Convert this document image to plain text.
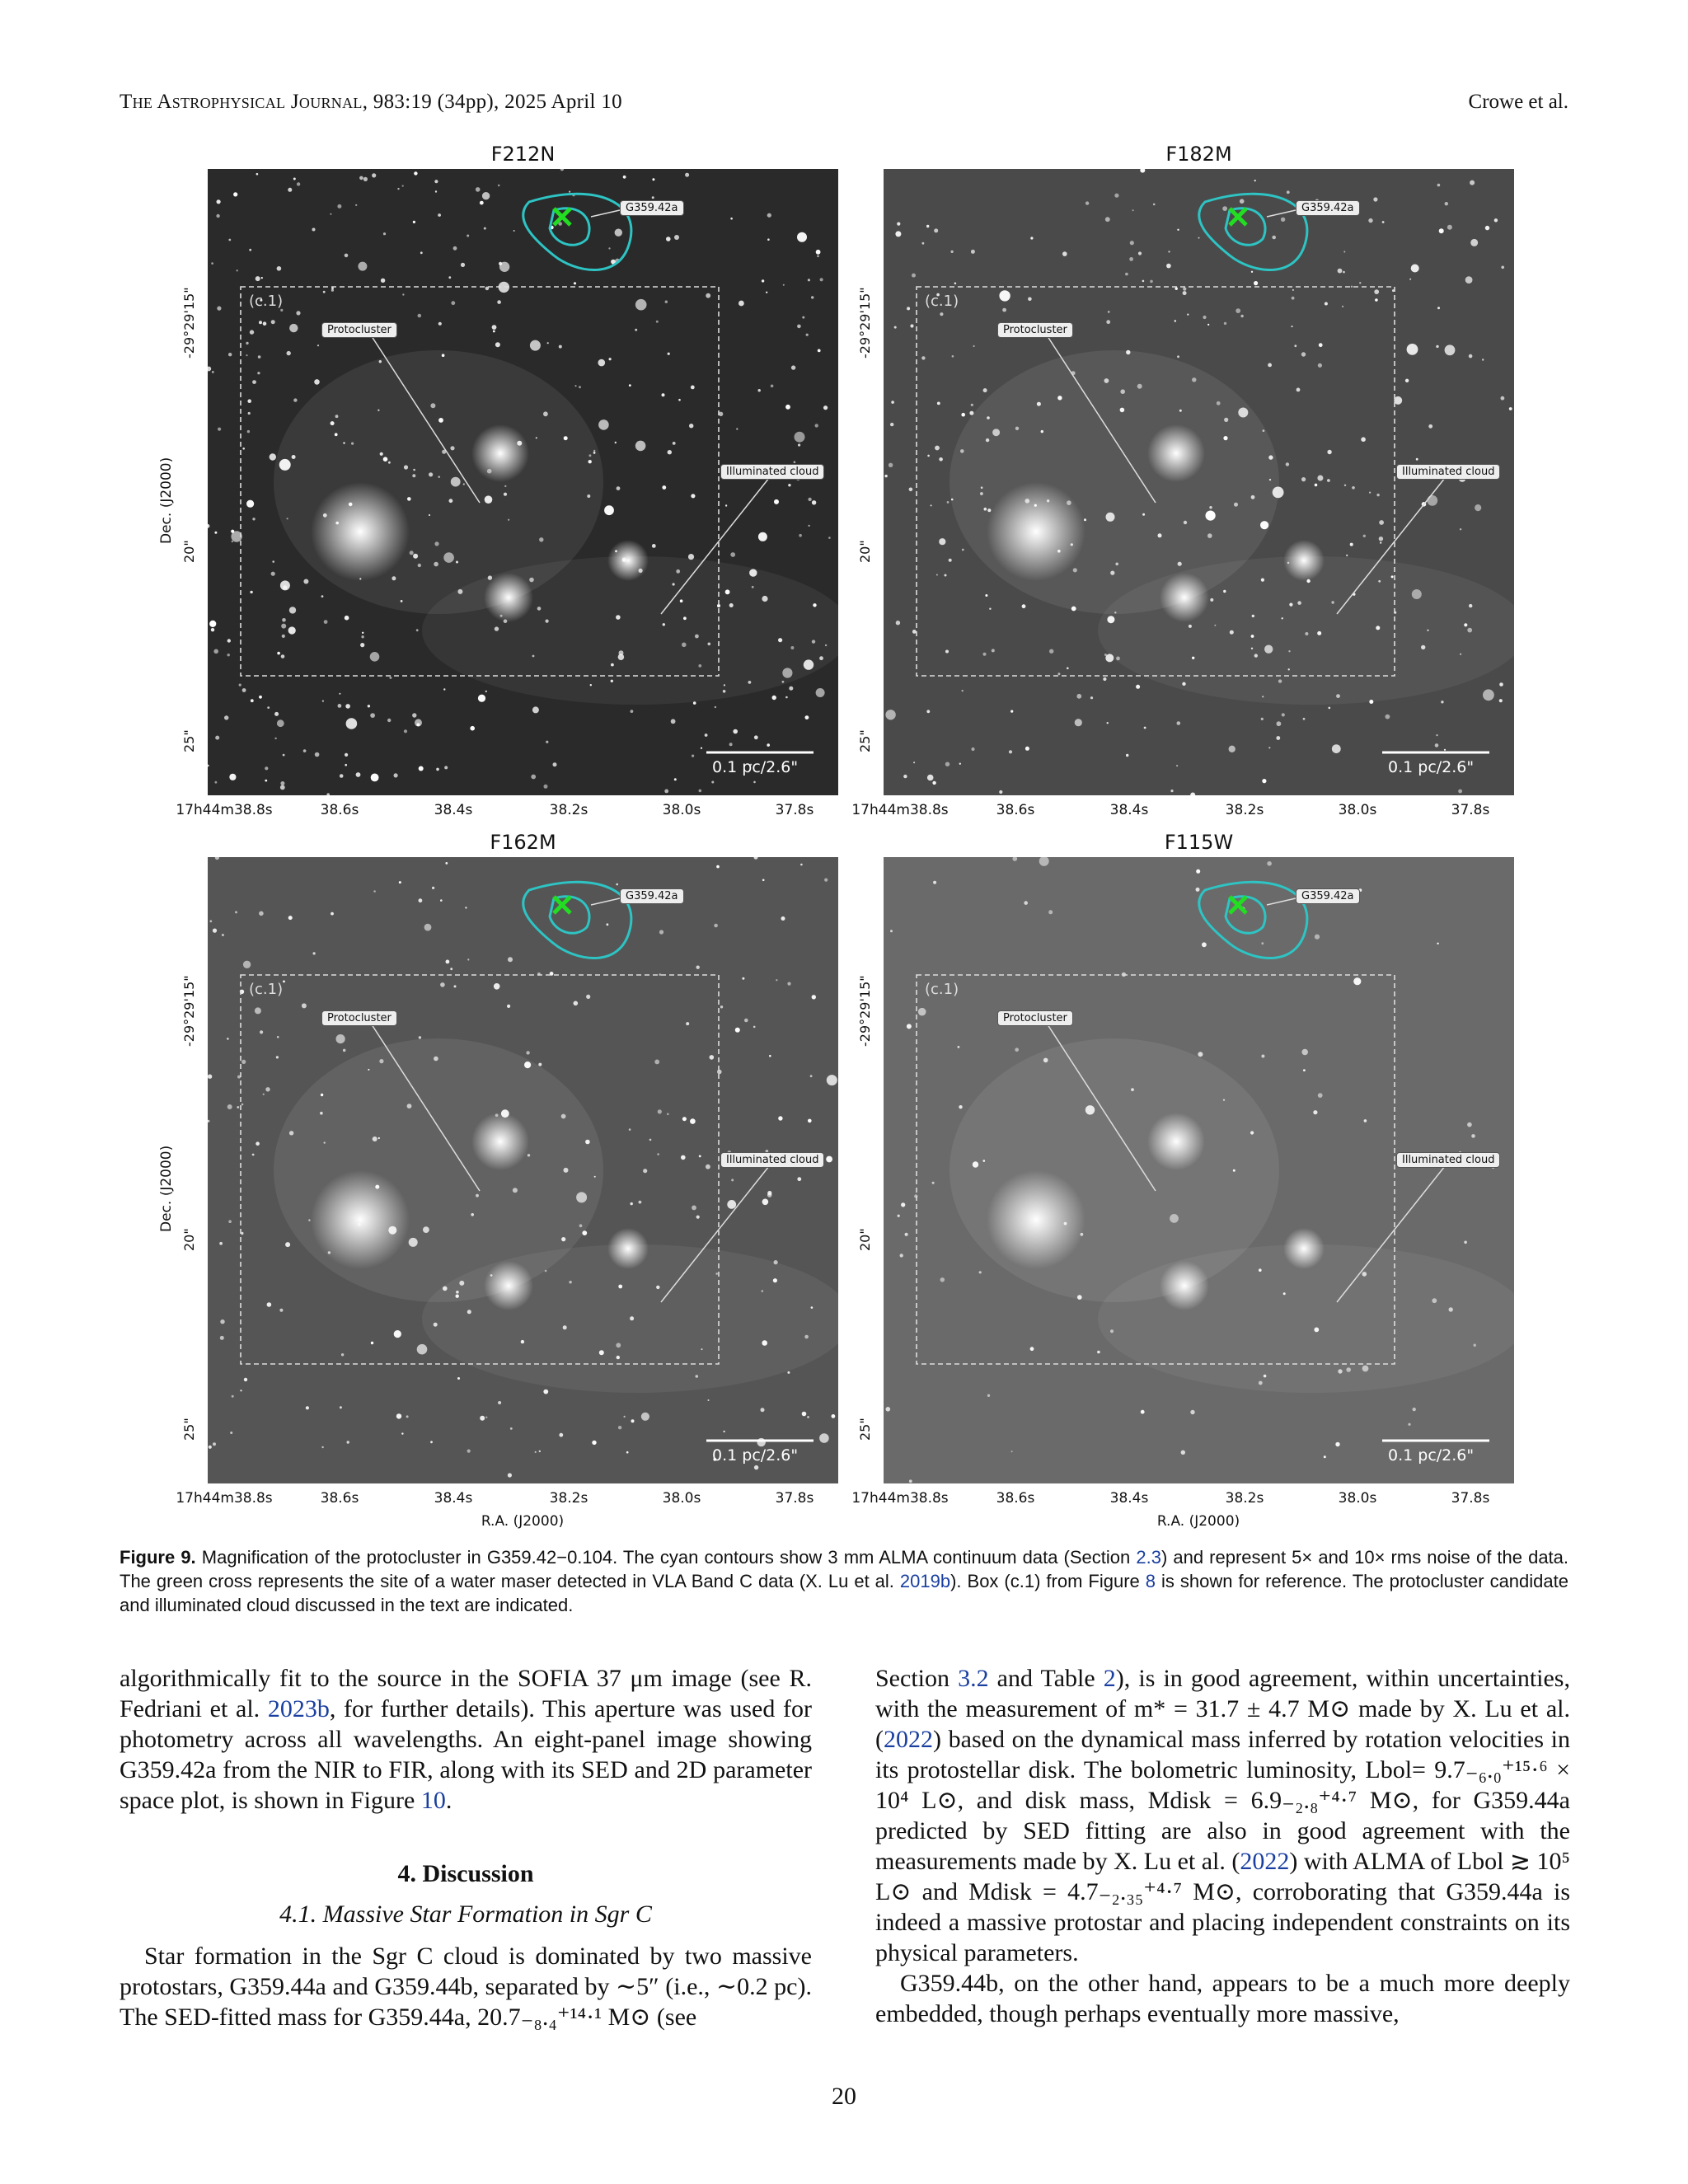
The Astrophysical Journal, 983:19 (34pp), 2025 April 10	Crowe et al.
F212N
G359.42a
Protocluster
Illuminated cloud
(c.1)
0.1 pc/2.6"
-29°29'15"
20"
25"
Dec. (J2000)
17h44m38.8s	38.6s	38.4s	38.2s	38.0s	37.8s
F182M
G359.42a
Protocluster
Illuminated cloud
(c.1)
0.1 pc/2.6"
-29°29'15"
20"
25"
17h44m38.8s	38.6s	38.4s	38.2s	38.0s	37.8s
F162M
G359.42a
Protocluster
Illuminated cloud
(c.1)
0.1 pc/2.6"
-29°29'15"
20"
25"
Dec. (J2000)
17h44m38.8s	38.6s	38.4s	38.2s	38.0s	37.8s
R.A. (J2000)
F115W
G359.42a
Protocluster
Illuminated cloud
(c.1)
0.1 pc/2.6"
-29°29'15"
20"
25"
17h44m38.8s	38.6s	38.4s	38.2s	38.0s	37.8s
R.A. (J2000)
Figure 9. Magnification of the protocluster in G359.42−0.104. The cyan contours show 3 mm ALMA continuum data (Section 2.3) and represent 5× and 10× rms noise of the data. The green cross represents the site of a water maser detected in VLA Band C data (X. Lu et al. 2019b). Box (c.1) from Figure 8 is shown for reference. The protocluster candidate and illuminated cloud discussed in the text are indicated.

algorithmically fit to the source in the SOFIA 37 μm image (see R. Fedriani et al. 2023b, for further details). This aperture was used for photometry across all wavelengths. An eight-panel image showing G359.42a from the NIR to FIR, along with its SED and 2D parameter space plot, is shown in Figure 10.

4. Discussion
4.1. Massive Star Formation in Sgr C

Star formation in the Sgr C cloud is dominated by two massive protostars, G359.44a and G359.44b, separated by ∼5″ (i.e., ∼0.2 pc). The SED-fitted mass for G359.44a, 20.7₋₈.₄⁺¹⁴·¹ M⊙ (see

Section 3.2 and Table 2), is in good agreement, within uncertainties, with the measurement of m* = 31.7 ± 4.7 M⊙ made by X. Lu et al. (2022) based on the dynamical mass inferred by rotation velocities in its protostellar disk. The bolometric luminosity, Lbol= 9.7₋₆.₀⁺¹⁵·⁶ × 10⁴ L⊙, and disk mass, Mdisk = 6.9₋₂.₈⁺⁴·⁷ M⊙, for G359.44a predicted by SED fitting are also in good agreement with the measurements made by X. Lu et al. (2022) with ALMA of Lbol ≳ 10⁵ L⊙ and Mdisk = 4.7₋₂.₃₅⁺⁴·⁷ M⊙, corroborating that G359.44a is indeed a massive protostar and placing independent constraints on its physical parameters.

G359.44b, on the other hand, appears to be a much more deeply embedded, though perhaps eventually more massive,

20
